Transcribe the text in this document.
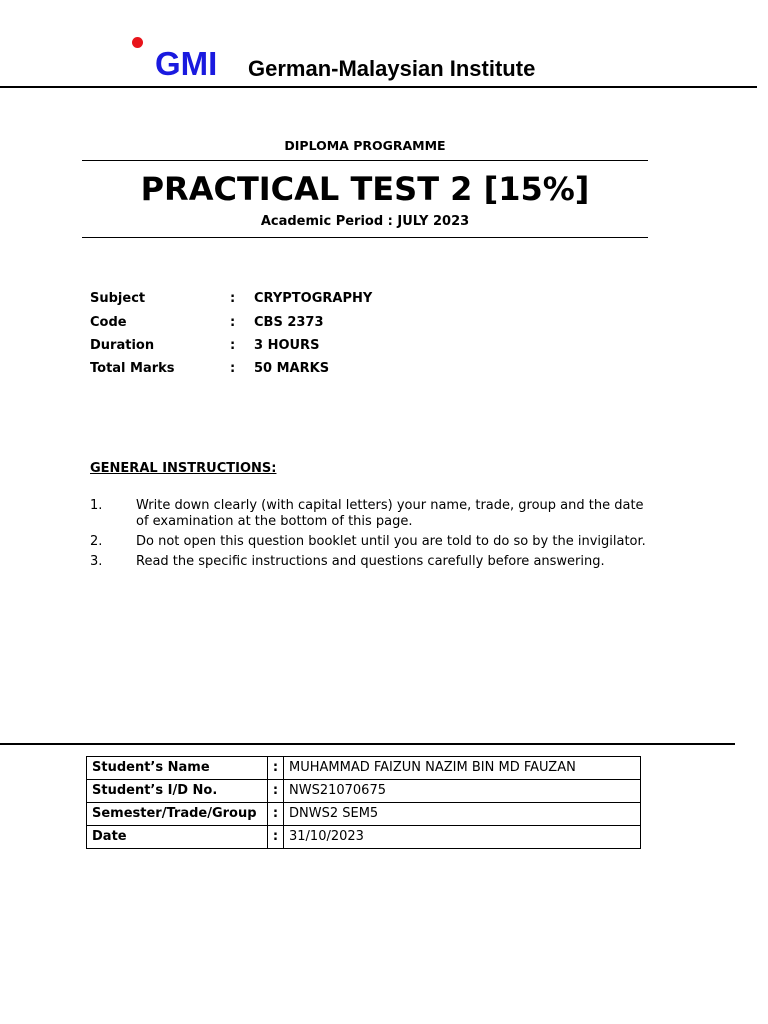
GMI German-Malaysian Institute
DIPLOMA PROGRAMME
PRACTICAL TEST 2 [15%]
Academic Period : JULY 2023
Subject	: CRYPTOGRAPHY
Code	: CBS 2373
Duration	: 3 HOURS
Total Marks	: 50 MARKS
GENERAL INSTRUCTIONS:
1.	Write down clearly (with capital letters) your name, trade, group and the date of examination at the bottom of this page.
2.	Do not open this question booklet until you are told to do so by the invigilator.
3.	Read the specific instructions and questions carefully before answering.
Student’s Name	:	MUHAMMAD FAIZUN NAZIM BIN MD FAUZAN
Student’s I/D No.	:	NWS21070675
Semester/Trade/Group	:	DNWS2 SEM5
Date	:	31/10/2023
